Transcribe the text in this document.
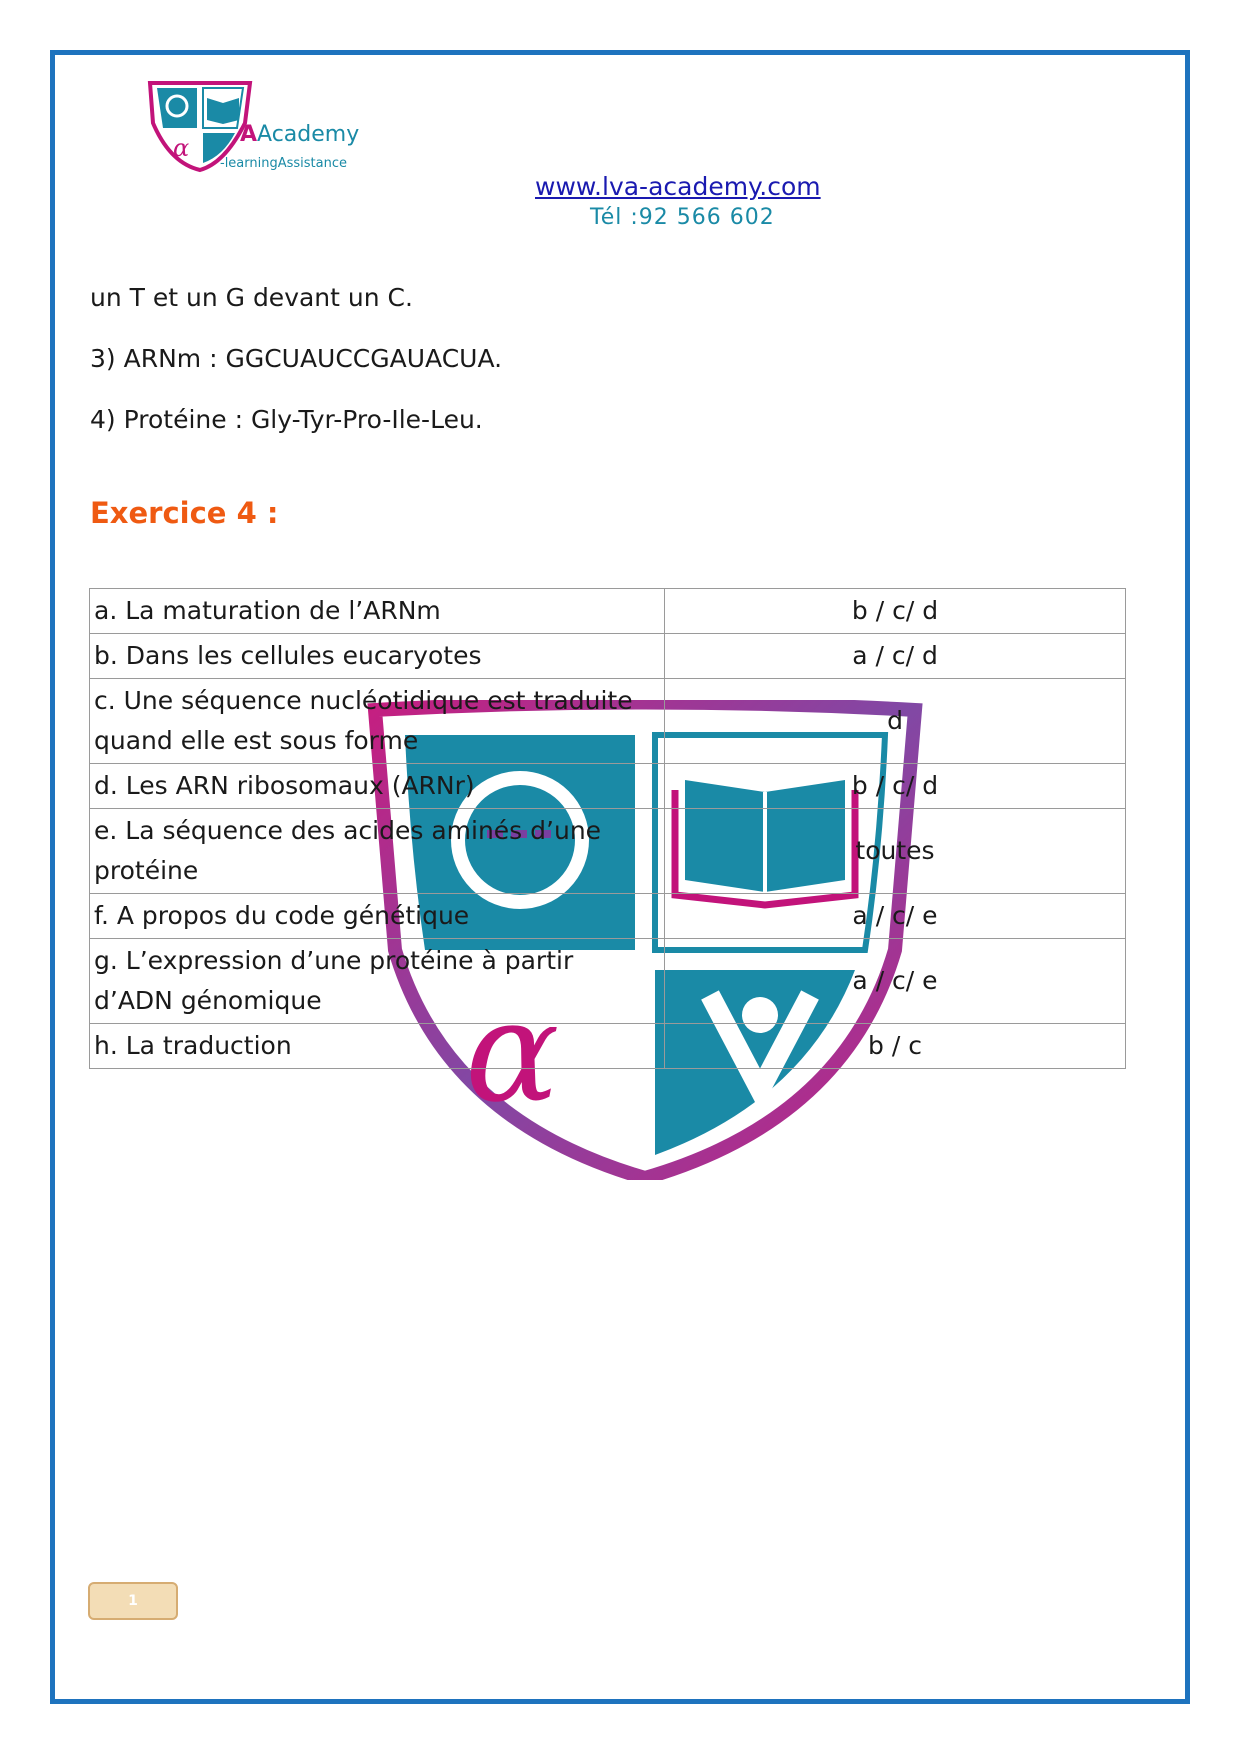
α AAcademy
-learningAssistance
www.lva-academy.com
Tél :92 566 602
un T et un G devant un C.
3) ARNm : GGCUAUCCGAUACUA.
4) Protéine : Gly-Tyr-Pro-Ile-Leu.
Exercice 4 :
α
a. La maturation de l’ARNm	b / c/ d
b. Dans les cellules eucaryotes	a / c/ d
c. Une séquence nucléotidique est traduite quand elle est sous forme	d
d. Les ARN ribosomaux (ARNr)	b / c/ d
e. La séquence des acides aminés d’une protéine	toutes
f. A propos du code génétique	a / c/ e
g. L’expression d’une protéine à partir d’ADN génomique	a / c/ e
h. La traduction	b / c
1
